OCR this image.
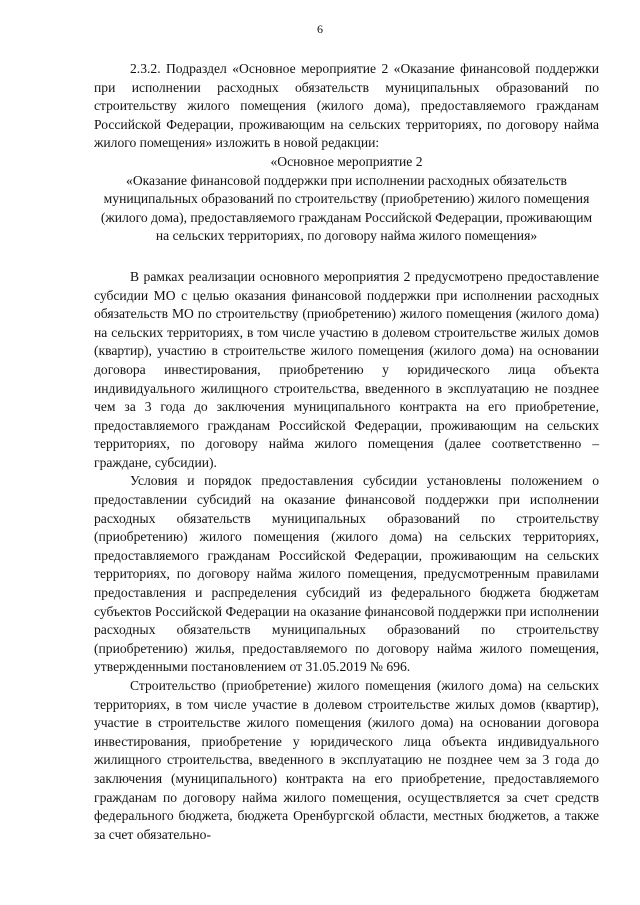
6

2.3.2. Подраздел «Основное мероприятие 2 «Оказание финансовой поддержки при исполнении расходных обязательств муниципальных образований по строительству жилого помещения (жилого дома), предоставляемого гражданам Российской Федерации, проживающим на сельских территориях, по договору найма жилого помещения» изложить в новой редакции:

«Основное мероприятие 2

«Оказание финансовой поддержки при исполнении расходных обязательств муниципальных образований по строительству (приобретению) жилого помещения (жилого дома), предоставляемого гражданам Российской Федерации, проживающим на сельских территориях, по договору найма жилого помещения»

В рамках реализации основного мероприятия 2 предусмотрено предоставление субсидии МО с целью оказания финансовой поддержки при исполнении расходных обязательств МО по строительству (приобретению) жилого помещения (жилого дома) на сельских территориях, в том числе участию в долевом строительстве жилых домов (квартир), участию в строительстве жилого помещения (жилого дома) на основании договора инвестирования, приобретению у юридического лица объекта индивидуального жилищного строительства, введенного в эксплуатацию не позднее чем за 3 года до заключения муниципального контракта на его приобретение, предоставляемого гражданам Российской Федерации, проживающим на сельских территориях, по договору найма жилого помещения (далее соответственно – граждане, субсидии).

Условия и порядок предоставления субсидии установлены положением о предоставлении субсидий на оказание финансовой поддержки при исполнении расходных обязательств муниципальных образований по строительству (приобретению) жилого помещения (жилого дома) на сельских территориях, предоставляемого гражданам Российской Федерации, проживающим на сельских территориях, по договору найма жилого помещения, предусмотренным правилами предоставления и распределения субсидий из федерального бюджета бюджетам субъектов Российской Федерации на оказание финансовой поддержки при исполнении расходных обязательств муниципальных образований по строительству (приобретению) жилья, предоставляемого по договору найма жилого помещения, утвержденными постановлением от 31.05.2019 № 696.

Строительство (приобретение) жилого помещения (жилого дома) на сельских территориях, в том числе участие в долевом строительстве жилых домов (квартир), участие в строительстве жилого помещения (жилого дома) на основании договора инвестирования, приобретение у юридического лица объекта индивидуального жилищного строительства, введенного в эксплуатацию не позднее чем за 3 года до заключения (муниципального) контракта на его приобретение, предоставляемого гражданам по договору найма жилого помещения, осуществляется за счет средств федерального бюджета, бюджета Оренбургской области, местных бюджетов, а также за счет обязательно-
